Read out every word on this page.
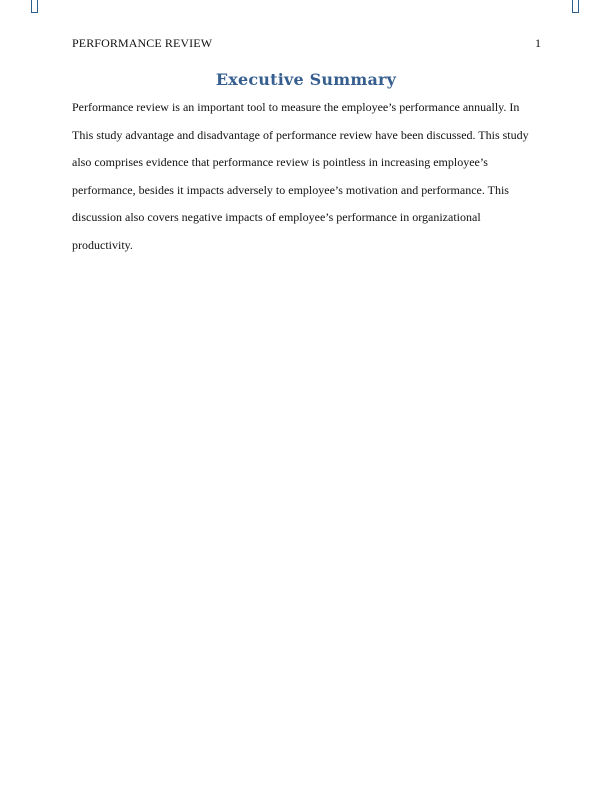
PERFORMANCE REVIEW	1
Executive Summary
Performance review is an important tool to measure the employee’s performance annually. In
This study advantage and disadvantage of performance review have been discussed. This study
also comprises evidence that performance review is pointless in increasing employee’s
performance, besides it impacts adversely to employee’s motivation and performance. This
discussion also covers negative impacts of employee’s performance in organizational
productivity.
